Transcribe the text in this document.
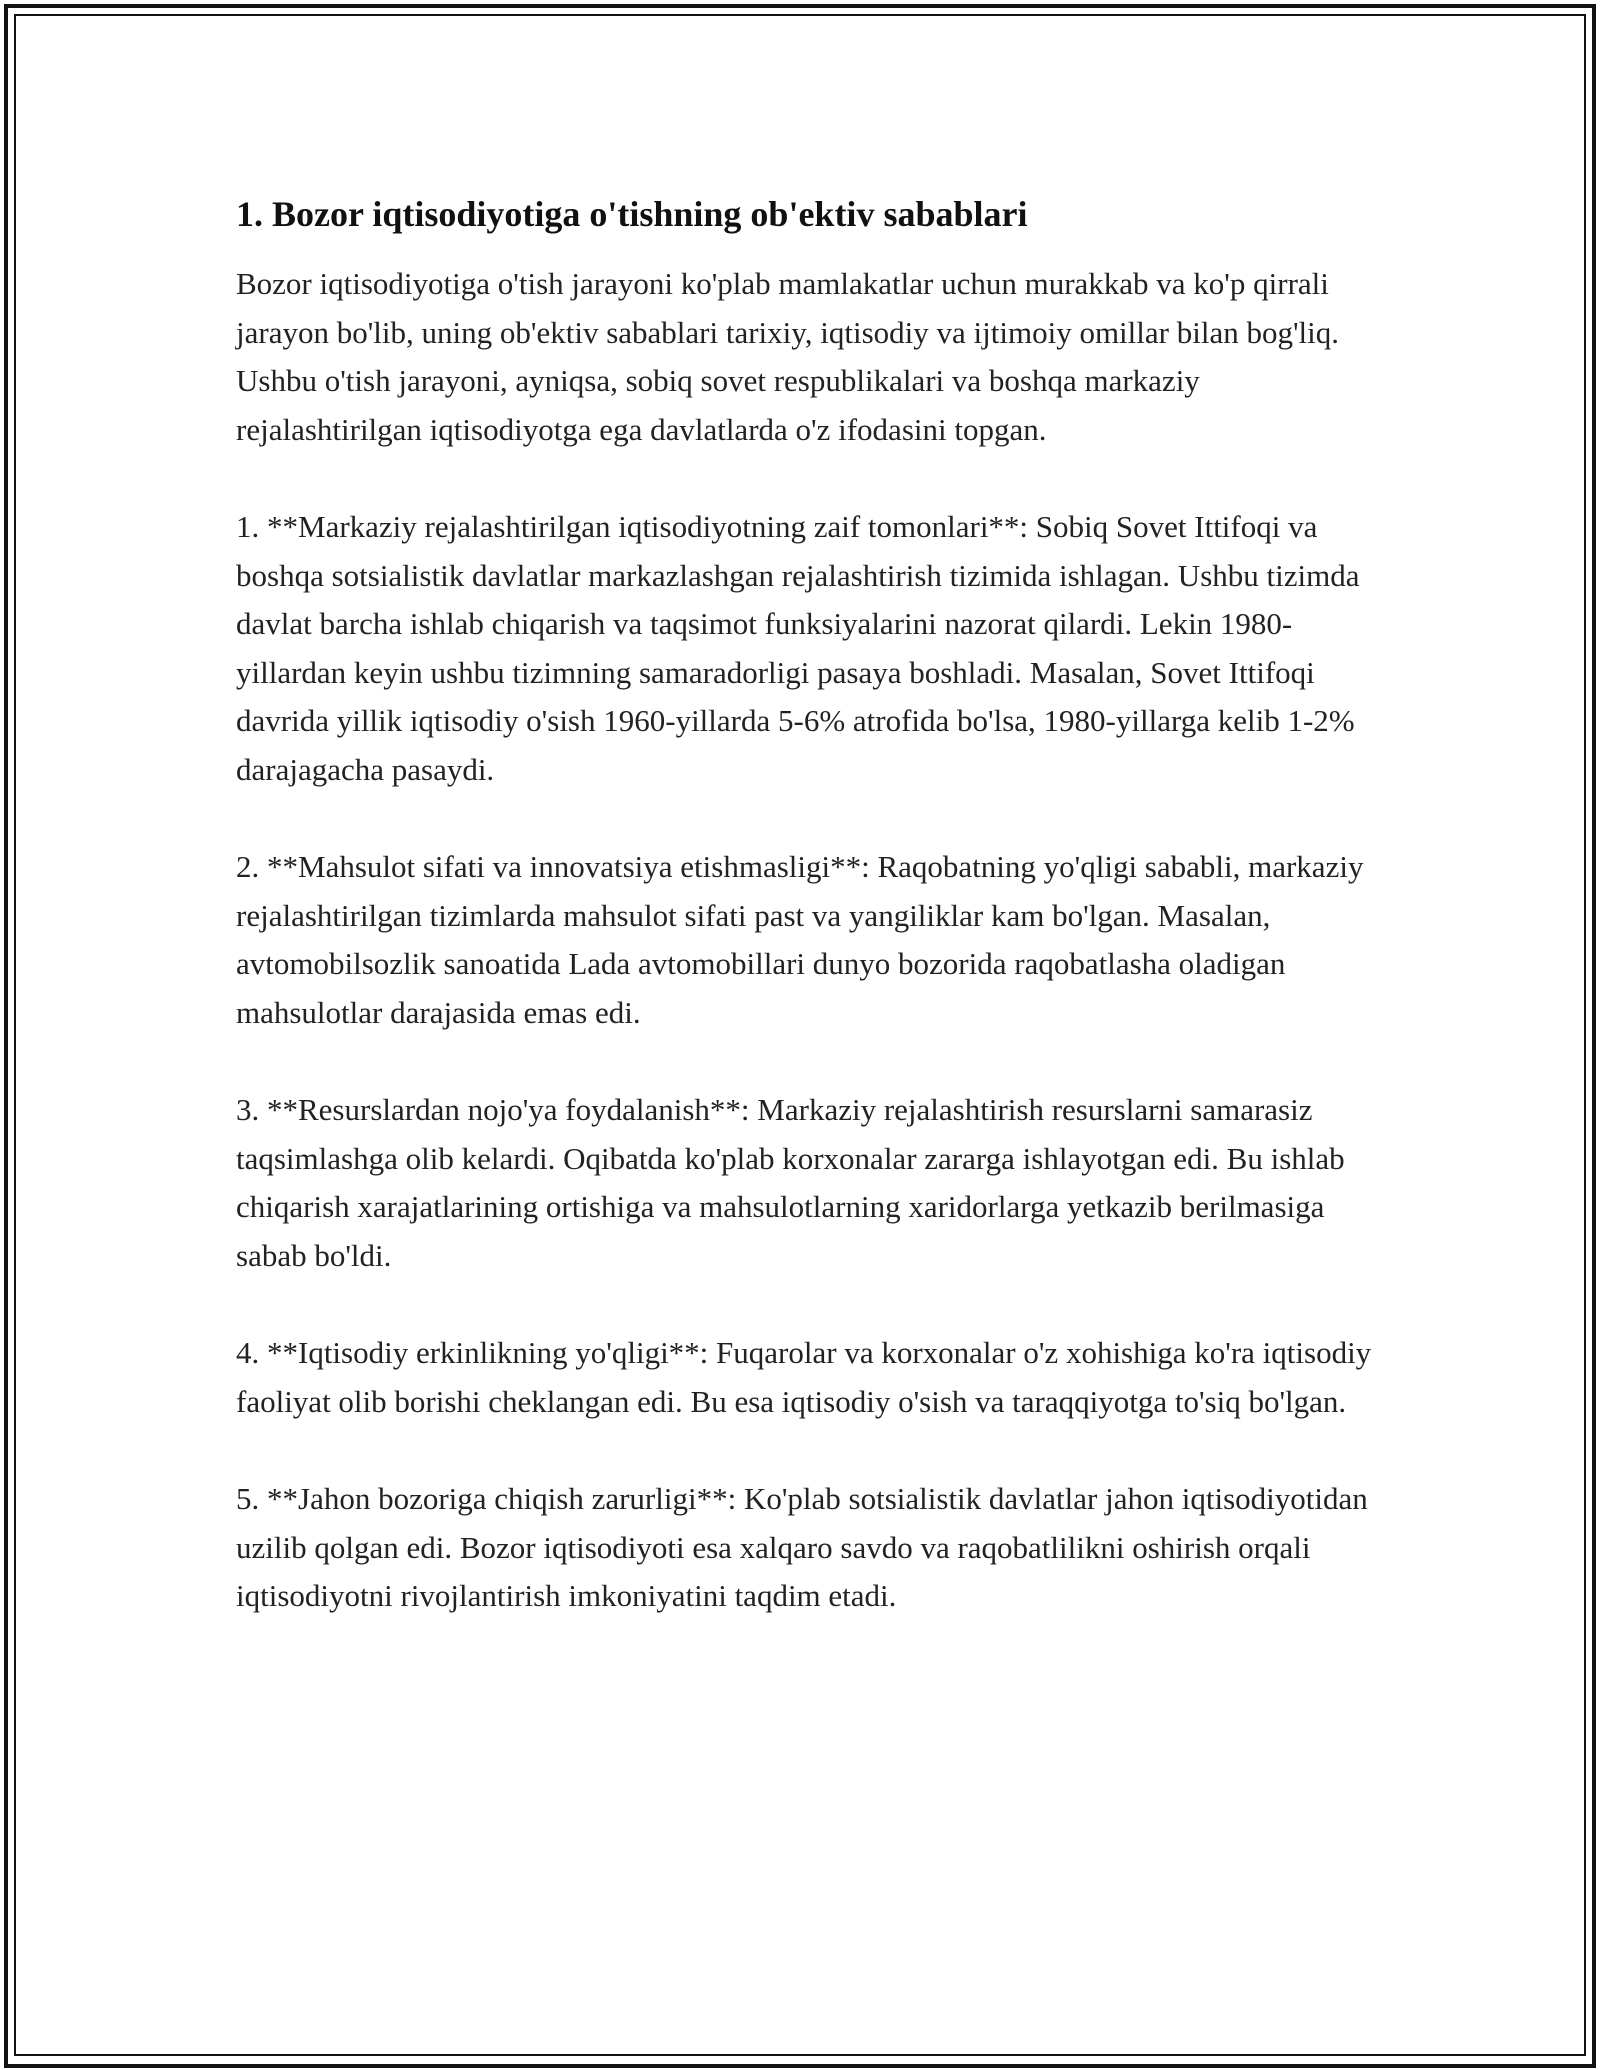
1. Bozor iqtisodiyotiga o'tishning ob'ektiv sabablari

Bozor iqtisodiyotiga o'tish jarayoni ko'plab mamlakatlar uchun murakkab va ko'p qirrali jarayon bo'lib, uning ob'ektiv sabablari tarixiy, iqtisodiy va ijtimoiy omillar bilan bog'liq. Ushbu o'tish jarayoni, ayniqsa, sobiq sovet respublikalari va boshqa markaziy rejalashtirilgan iqtisodiyotga ega davlatlarda o'z ifodasini topgan.

1. **Markaziy rejalashtirilgan iqtisodiyotning zaif tomonlari**: Sobiq Sovet Ittifoqi va boshqa sotsialistik davlatlar markazlashgan rejalashtirish tizimida ishlagan. Ushbu tizimda davlat barcha ishlab chiqarish va taqsimot funksiyalarini nazorat qilardi. Lekin 1980-yillardan keyin ushbu tizimning samaradorligi pasaya boshladi. Masalan, Sovet Ittifoqi davrida yillik iqtisodiy o'sish 1960-yillarda 5-6% atrofida bo'lsa, 1980-yillarga kelib 1-2% darajagacha pasaydi.

2. **Mahsulot sifati va innovatsiya etishmasligi**: Raqobatning yo'qligi sababli, markaziy rejalashtirilgan tizimlarda mahsulot sifati past va yangiliklar kam bo'lgan. Masalan, avtomobilsozlik sanoatida Lada avtomobillari dunyo bozorida raqobatlasha oladigan mahsulotlar darajasida emas edi.

3. **Resurslardan nojo'ya foydalanish**: Markaziy rejalashtirish resurslarni samarasiz taqsimlashga olib kelardi. Oqibatda ko'plab korxonalar zararga ishlayotgan edi. Bu ishlab chiqarish xarajatlarining ortishiga va mahsulotlarning xaridorlarga yetkazib berilmasiga sabab bo'ldi.

4. **Iqtisodiy erkinlikning yo'qligi**: Fuqarolar va korxonalar o'z xohishiga ko'ra iqtisodiy faoliyat olib borishi cheklangan edi. Bu esa iqtisodiy o'sish va taraqqiyotga to'siq bo'lgan.

5. **Jahon bozoriga chiqish zarurligi**: Ko'plab sotsialistik davlatlar jahon iqtisodiyotidan uzilib qolgan edi. Bozor iqtisodiyoti esa xalqaro savdo va raqobatlilikni oshirish orqali iqtisodiyotni rivojlantirish imkoniyatini taqdim etadi.
